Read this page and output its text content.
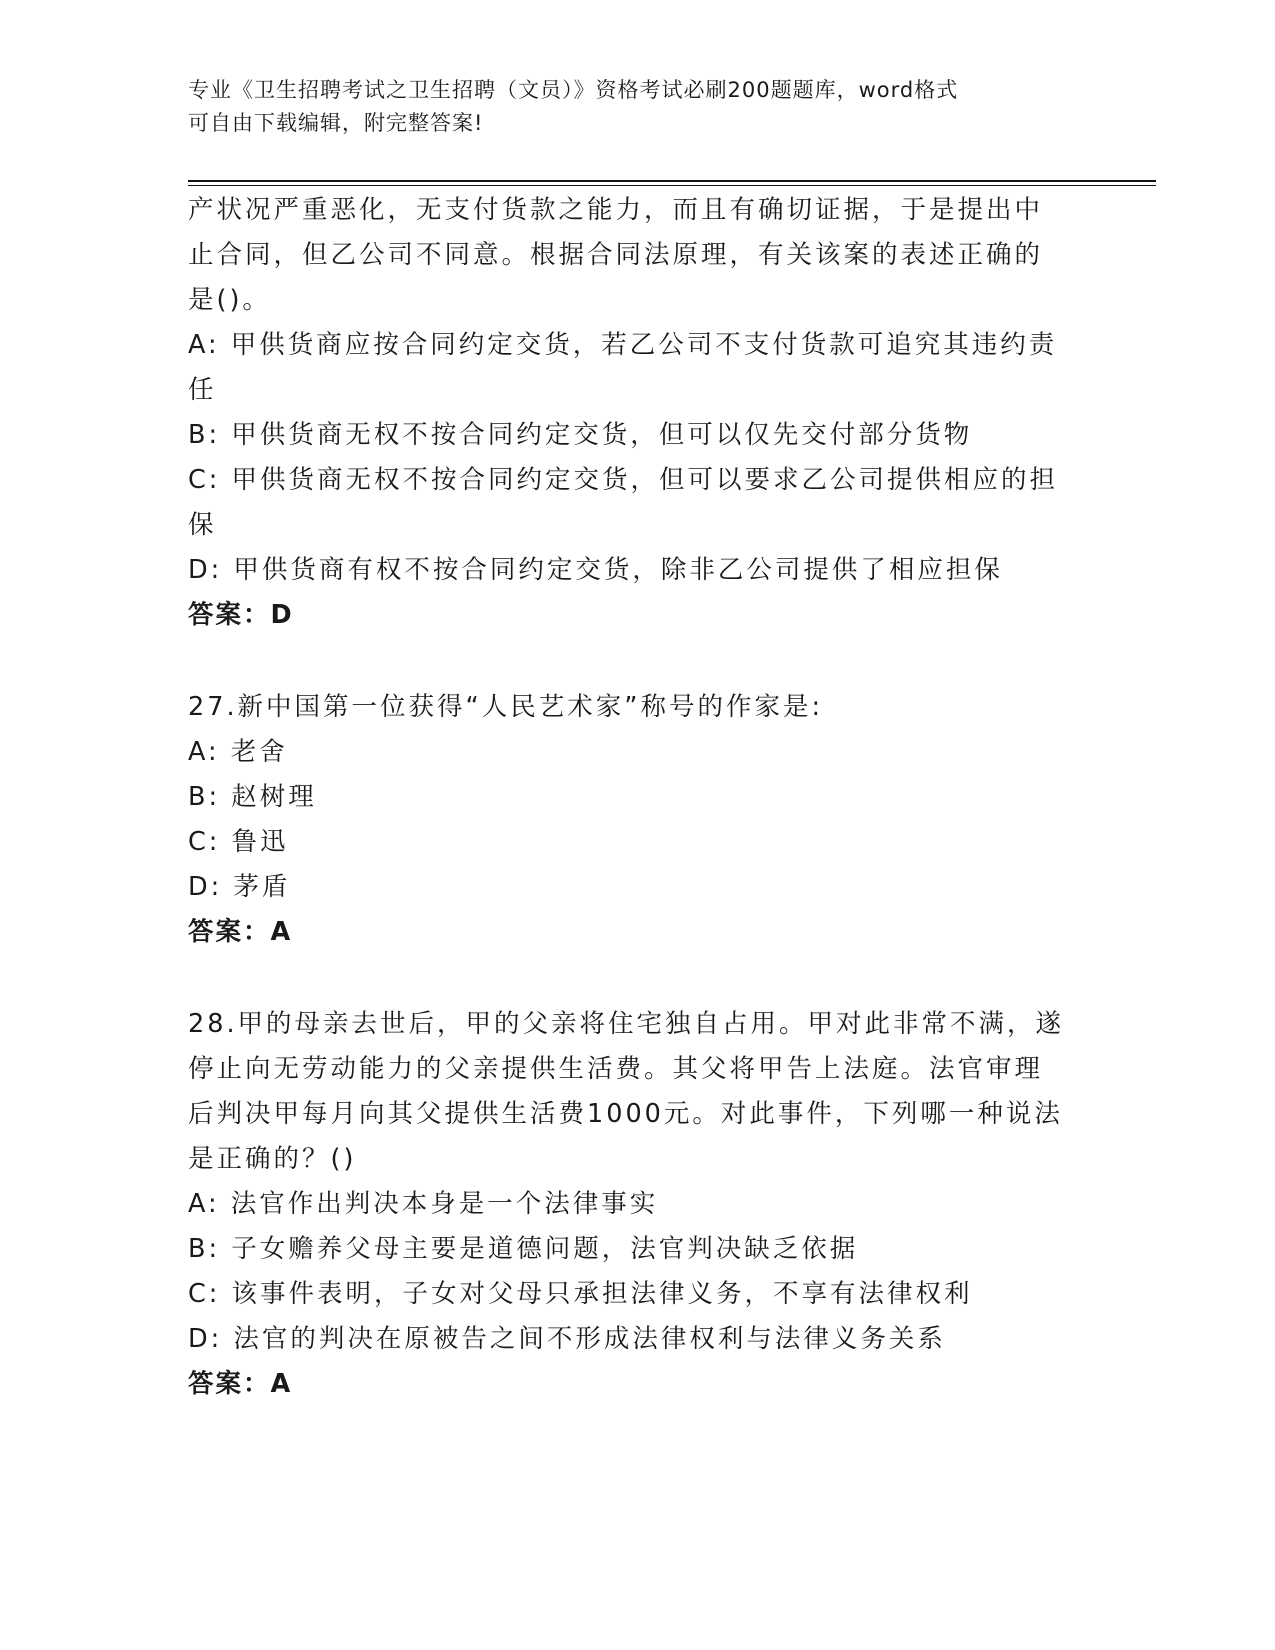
专业《卫生招聘考试之卫生招聘（文员）》资格考试必刷200题题库，word格式
可自由下载编辑，附完整答案!
产状况严重恶化，无支付货款之能力，而且有确切证据，于是提出中
止合同，但乙公司不同意。根据合同法原理，有关该案的表述正确的
是()。
A: 甲供货商应按合同约定交货，若乙公司不支付货款可追究其违约责
任
B: 甲供货商无权不按合同约定交货，但可以仅先交付部分货物
C: 甲供货商无权不按合同约定交货，但可以要求乙公司提供相应的担
保
D: 甲供货商有权不按合同约定交货，除非乙公司提供了相应担保
答案：D
27.新中国第一位获得“人民艺术家”称号的作家是:
A: 老舍
B: 赵树理
C: 鲁迅
D: 茅盾
答案：A
28.甲的母亲去世后，甲的父亲将住宅独自占用。甲对此非常不满，遂
停止向无劳动能力的父亲提供生活费。其父将甲告上法庭。法官审理
后判决甲每月向其父提供生活费1000元。对此事件，下列哪一种说法
是正确的？()
A: 法官作出判决本身是一个法律事实
B: 子女赡养父母主要是道德问题，法官判决缺乏依据
C: 该事件表明，子女对父母只承担法律义务，不享有法律权利
D: 法官的判决在原被告之间不形成法律权利与法律义务关系
答案：A
